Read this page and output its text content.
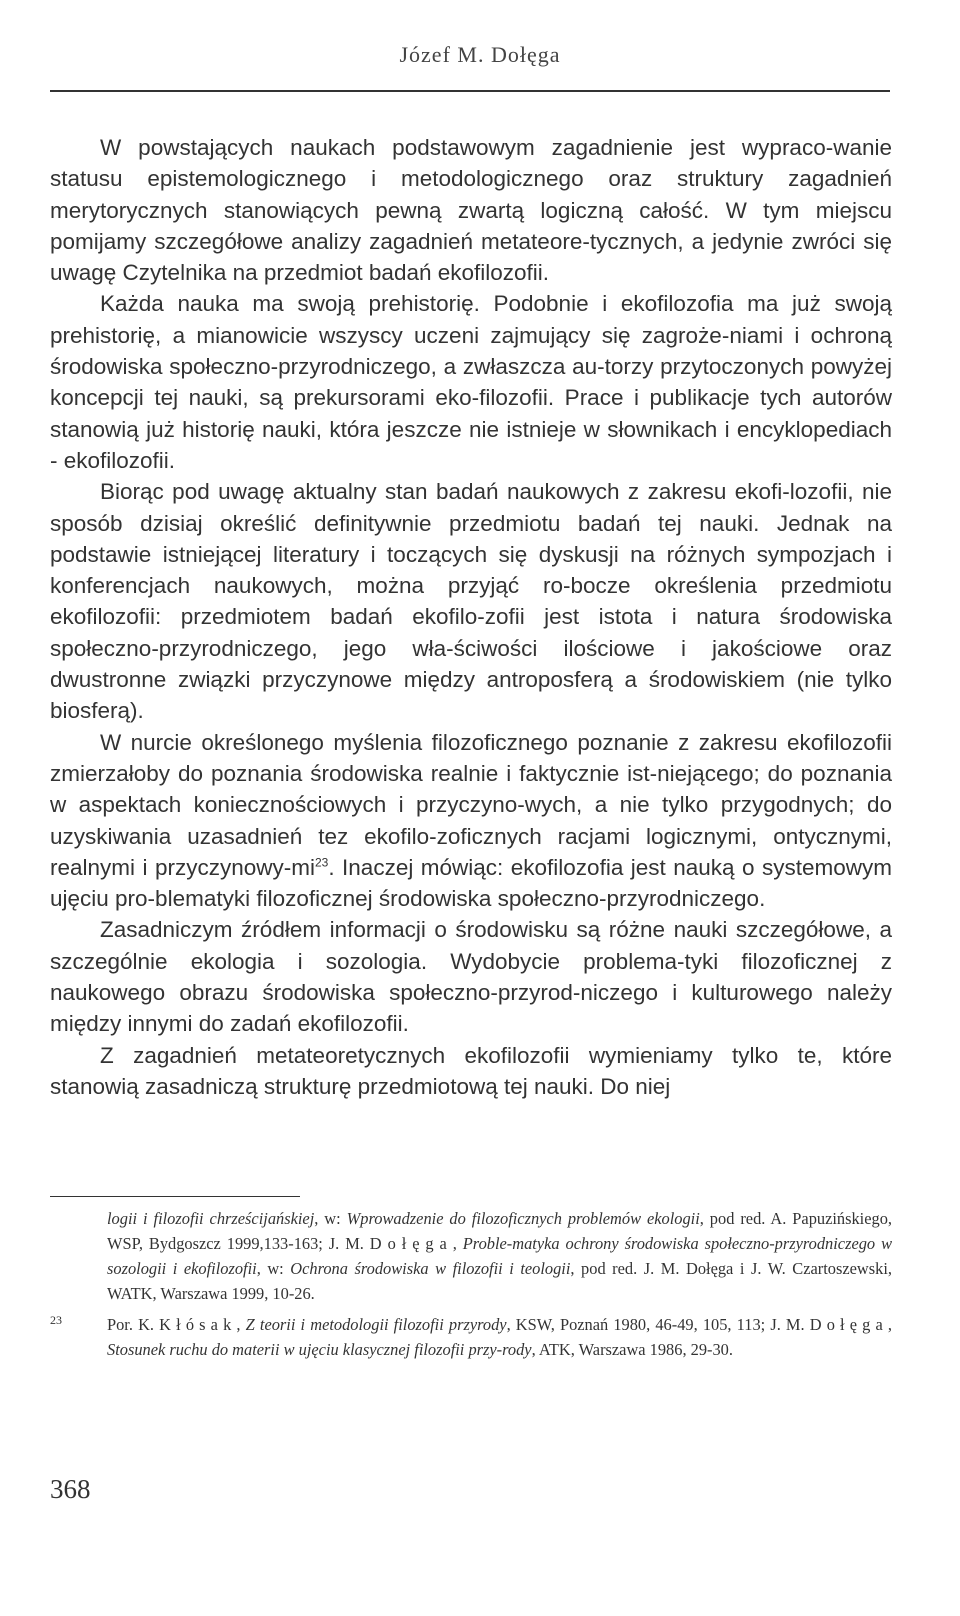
Józef M. Dołęga

W powstających naukach podstawowym zagadnienie jest wypraco-wanie statusu epistemologicznego i metodologicznego oraz struktury zagadnień merytorycznych stanowiących pewną zwartą logiczną całość. W tym miejscu pomijamy szczegółowe analizy zagadnień metateore-tycznych, a jedynie zwróci się uwagę Czytelnika na przedmiot badań ekofilozofii.

Każda nauka ma swoją prehistorię. Podobnie i ekofilozofia ma już swoją prehistorię, a mianowicie wszyscy uczeni zajmujący się zagroże-niami i ochroną środowiska społeczno-przyrodniczego, a zwłaszcza au-torzy przytoczonych powyżej koncepcji tej nauki, są prekursorami eko-filozofii. Prace i publikacje tych autorów stanowią już historię nauki, która jeszcze nie istnieje w słownikach i encyklopediach - ekofilozofii.

Biorąc pod uwagę aktualny stan badań naukowych z zakresu ekofi-lozofii, nie sposób dzisiaj określić definitywnie przedmiotu badań tej nauki. Jednak na podstawie istniejącej literatury i toczących się dyskusji na różnych sympozjach i konferencjach naukowych, można przyjąć ro-bocze określenia przedmiotu ekofilozofii: przedmiotem badań ekofilo-zofii jest istota i natura środowiska społeczno-przyrodniczego, jego wła-ściwości ilościowe i jakościowe oraz dwustronne związki przyczynowe między antroposferą a środowiskiem (nie tylko biosferą).

W nurcie określonego myślenia filozoficznego poznanie z zakresu ekofilozofii zmierzałoby do poznania środowiska realnie i faktycznie ist-niejącego; do poznania w aspektach koniecznościowych i przyczyno-wych, a nie tylko przygodnych; do uzyskiwania uzasadnień tez ekofilo-zoficznych racjami logicznymi, ontycznymi, realnymi i przyczynowy-mi$^{23}$. Inaczej mówiąc: ekofilozofia jest nauką o systemowym ujęciu pro-blematyki filozoficznej środowiska społeczno-przyrodniczego.

Zasadniczym źródłem informacji o środowisku są różne nauki szczegółowe, a szczególnie ekologia i sozologia. Wydobycie problema-tyki filozoficznej z naukowego obrazu środowiska społeczno-przyrod-niczego i kulturowego należy między innymi do zadań ekofilozofii.

Z zagadnień metateoretycznych ekofilozofii wymieniamy tylko te, które stanowią zasadniczą strukturę przedmiotową tej nauki. Do niej

logii i filozofii chrześcijańskiej, w: Wprowadzenie do filozoficznych problemów ekologii, pod red. A. Papuzińskiego, WSP, Bydgoszcz 1999,133-163; J. M. D o ł ę g a , Proble-matyka ochrony środowiska społeczno-przyrodniczego w sozologii i ekofilozofii, w: Ochrona środowiska w filozofii i teologii, pod red. J. M. Dołęga i J. W. Czartoszewski, WATK, Warszawa 1999, 10-26.

23	Por. K. K ł ó s a k , Z teorii i metodologii filozofii przyrody, KSW, Poznań 1980, 46-49, 105, 113; J. M. D o ł ę g a , Stosunek ruchu do materii w ujęciu klasycznej filozofii przy-rody, ATK, Warszawa 1986, 29-30.

368
